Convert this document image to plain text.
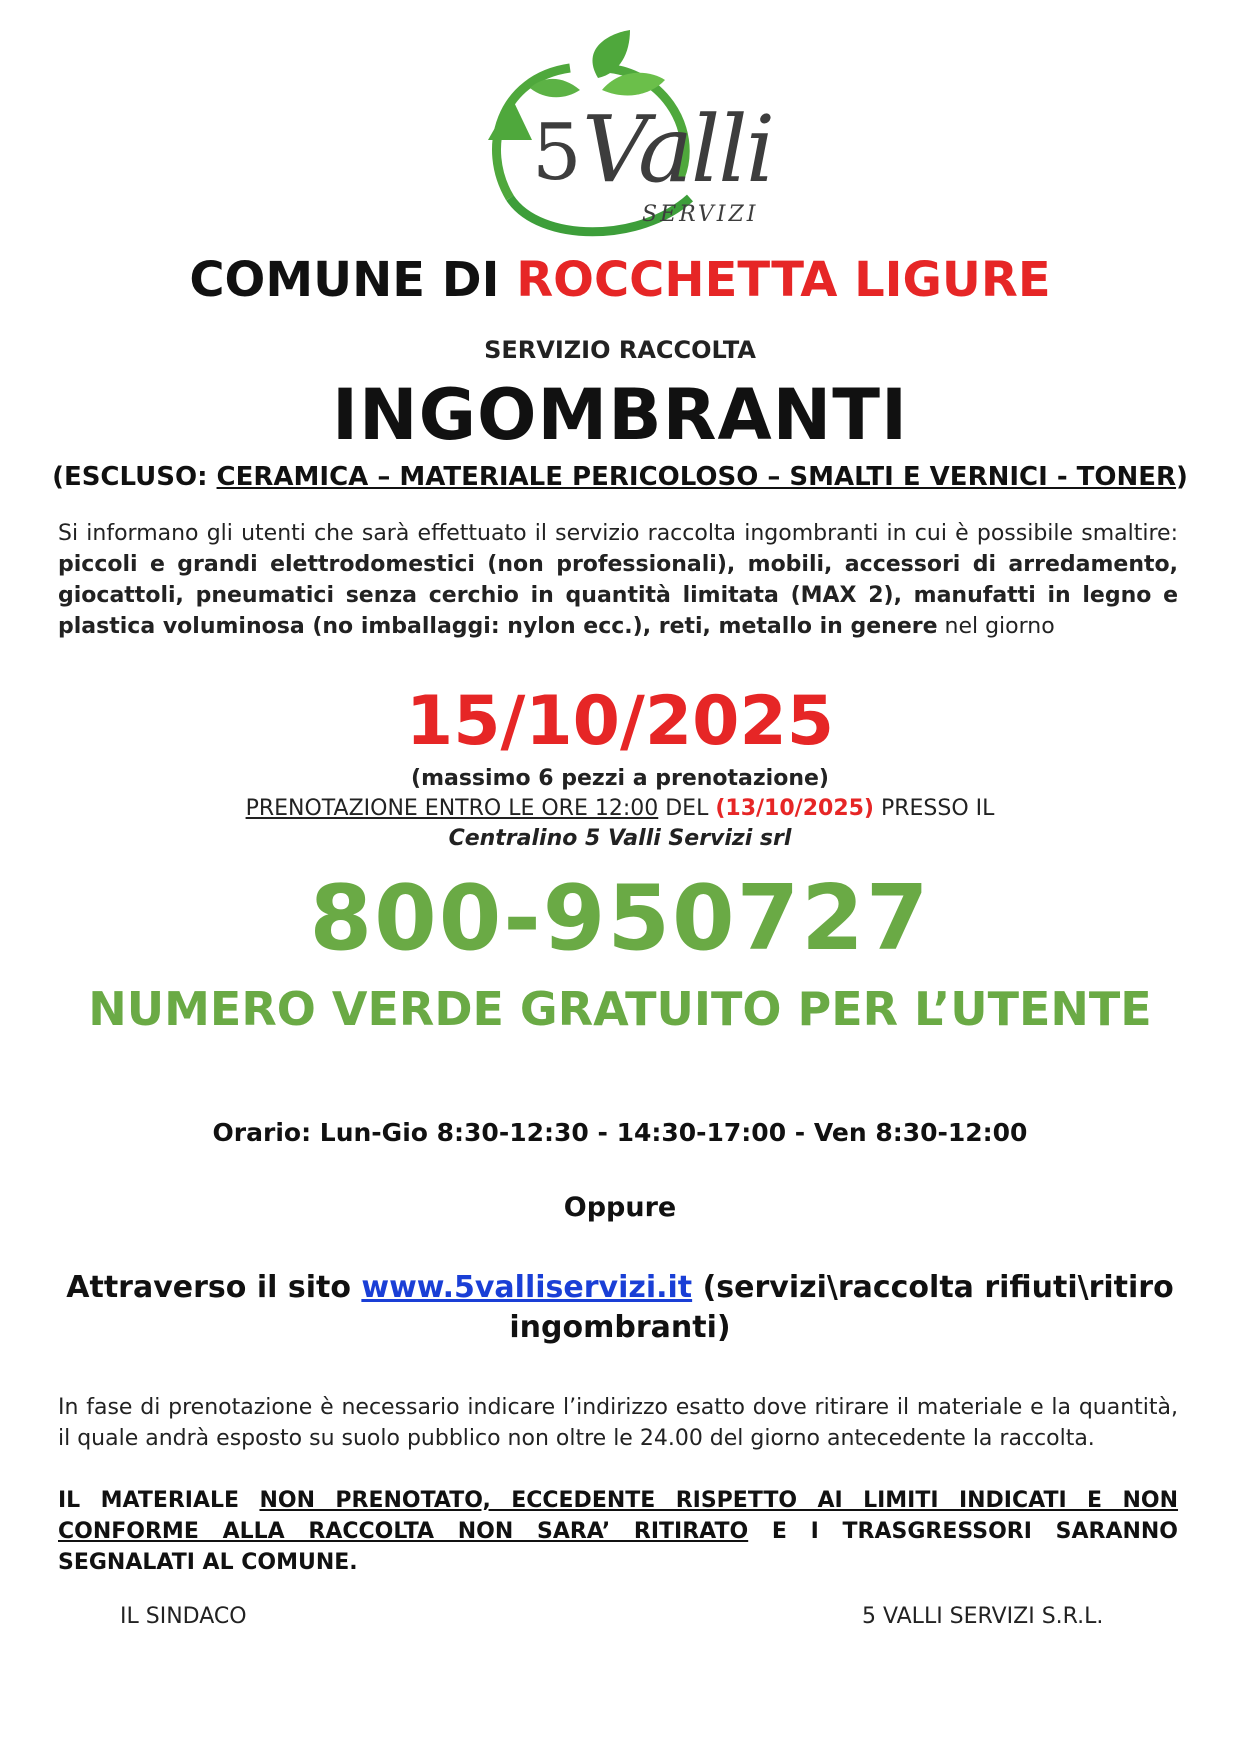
5 Valli
SERVIZI
COMUNE DI ROCCHETTA LIGURE
SERVIZIO RACCOLTA
INGOMBRANTI
(ESCLUSO: CERAMICA – MATERIALE PERICOLOSO – SMALTI E VERNICI - TONER)
Si informano gli utenti che sarà effettuato il servizio raccolta ingombranti in cui è possibile smaltire: piccoli e grandi elettrodomestici (non professionali), mobili, accessori di arredamento, giocattoli, pneumatici senza cerchio in quantità limitata (MAX 2), manufatti in legno e plastica voluminosa (no imballaggi: nylon ecc.), reti, metallo in genere nel giorno
15/10/2025
(massimo 6 pezzi a prenotazione)
PRENOTAZIONE ENTRO LE ORE 12:00 DEL (13/10/2025) PRESSO IL
Centralino 5 Valli Servizi srl
800-950727
NUMERO VERDE GRATUITO PER L’UTENTE
Orario: Lun-Gio 8:30-12:30 - 14:30-17:00 - Ven 8:30-12:00
Oppure
Attraverso il sito www.5valliservizi.it (servizi\raccolta rifiuti\ritiro ingombranti)
In fase di prenotazione è necessario indicare l’indirizzo esatto dove ritirare il materiale e la quantità, il quale andrà esposto su suolo pubblico non oltre le 24.00 del giorno antecedente la raccolta.
IL MATERIALE NON PRENOTATO, ECCEDENTE RISPETTO AI LIMITI INDICATI E NON CONFORME ALLA RACCOLTA NON SARA’ RITIRATO E I TRASGRESSORI SARANNO SEGNALATI AL COMUNE.
IL SINDACO	5 VALLI SERVIZI S.R.L.
